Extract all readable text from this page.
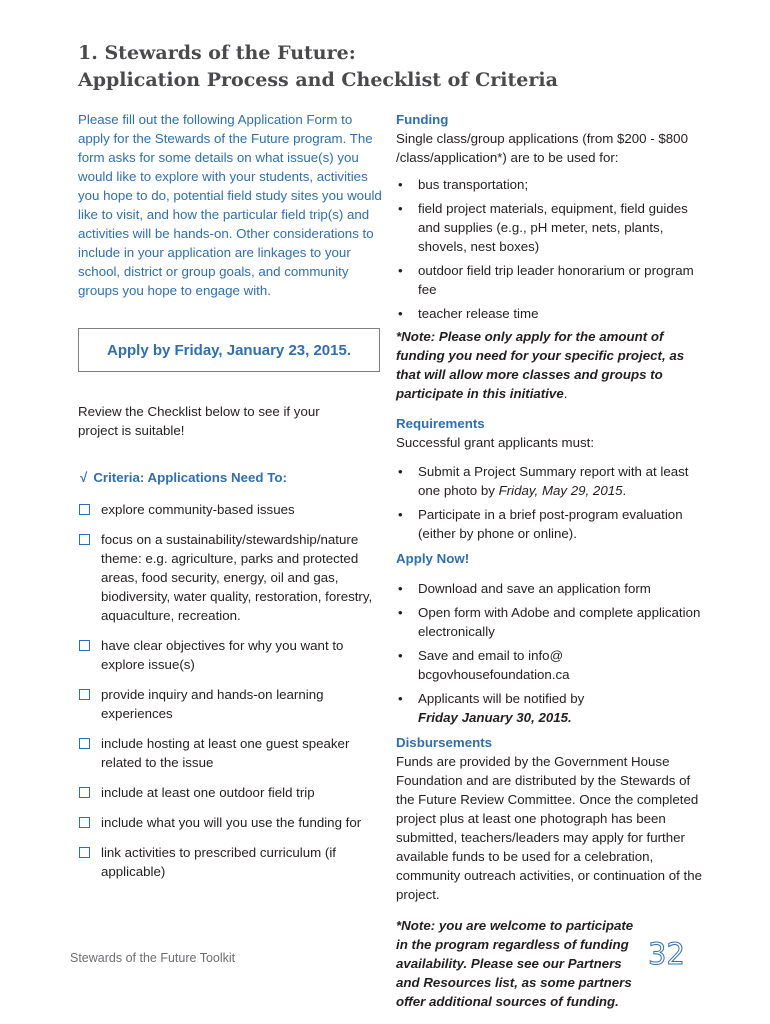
1. Stewards of the Future:
Application Process and Checklist of Criteria

Please fill out the following Application Form to apply for the Stewards of the Future program. The form asks for some details on what issue(s) you would like to explore with your students, activities you hope to do, potential field study sites you would like to visit, and how the particular field trip(s) and activities will be hands-on. Other considerations to include in your application are linkages to your school, district or group goals, and community groups you hope to engage with.

Apply by Friday, January 23, 2015.

Review the Checklist below to see if your project is suitable!

√ Criteria: Applications Need To:

explore community-based issues
focus on a sustainability/stewardship/nature theme: e.g. agriculture, parks and protected areas, food security, energy, oil and gas, biodiversity, water quality, restoration, forestry, aquaculture, recreation.
have clear objectives for why you want to explore issue(s)
provide inquiry and hands-on learning experiences
include hosting at least one guest speaker related to the issue
include at least one outdoor field trip
include what you will you use the funding for
link activities to prescribed curriculum (if applicable)

Funding

Single class/group applications (from $200 - $800 /class/application*) are to be used for:

• bus transportation;
• field project materials, equipment, field guides and supplies (e.g., pH meter, nets, plants, shovels, nest boxes)
• outdoor field trip leader honorarium or program fee
• teacher release time

*Note: Please only apply for the amount of funding you need for your specific project, as that will allow more classes and groups to participate in this initiative.

Requirements

Successful grant applicants must:

• Submit a Project Summary report with at least one photo by Friday, May 29, 2015.
• Participate in a brief post-program evaluation (either by phone or online).

Apply Now!

• Download and save an application form
• Open form with Adobe and complete application electronically
• Save and email to info@ bcgovhousefoundation.ca
• Applicants will be notified by
Friday January 30, 2015.

Disbursements

Funds are provided by the Government House Foundation and are distributed by the Stewards of the Future Review Committee. Once the completed project plus at least one photograph has been submitted, teachers/leaders may apply for further available funds to be used for a celebration, community outreach activities, or continuation of the project.

*Note: you are welcome to participate in the program regardless of funding availability. Please see our Partners and Resources list, as some partners offer additional sources of funding.

Stewards of the Future Toolkit	32
